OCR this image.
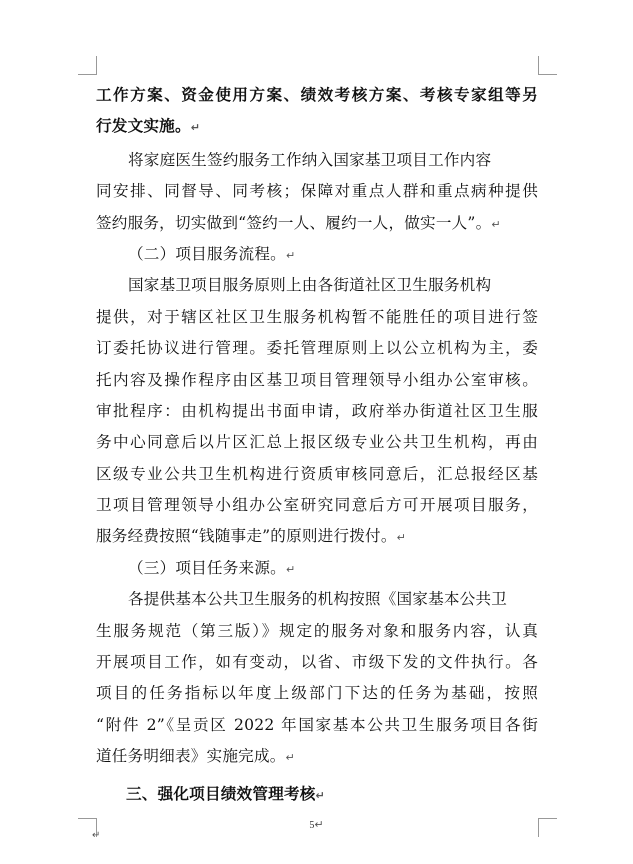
工作方案、资金使用方案、绩效考核方案、考核专家组等另
行发文实施。↵
将家庭医生签约服务工作纳入国家基卫项目工作内容
同安排、同督导、同考核；保障对重点人群和重点病种提供
签约服务，切实做到“签约一人、履约一人，做实一人”。↵
（二）项目服务流程。↵
国家基卫项目服务原则上由各街道社区卫生服务机构
提供，对于辖区社区卫生服务机构暂不能胜任的项目进行签
订委托协议进行管理。委托管理原则上以公立机构为主，委
托内容及操作程序由区基卫项目管理领导小组办公室审核。
审批程序：由机构提出书面申请，政府举办街道社区卫生服
务中心同意后以片区汇总上报区级专业公共卫生机构，再由
区级专业公共卫生机构进行资质审核同意后，汇总报经区基
卫项目管理领导小组办公室研究同意后方可开展项目服务，
服务经费按照“钱随事走”的原则进行拨付。↵
（三）项目任务来源。↵
各提供基本公共卫生服务的机构按照《国家基本公共卫
生服务规范（第三版）》规定的服务对象和服务内容，认真
开展项目工作，如有变动，以省、市级下发的文件执行。各
项目的任务指标以年度上级部门下达的任务为基础，按照
“附件 2”《呈贡区 2022 年国家基本公共卫生服务项目各街
道任务明细表》实施完成。↵
三、强化项目绩效管理考核↵
5↵
↵
